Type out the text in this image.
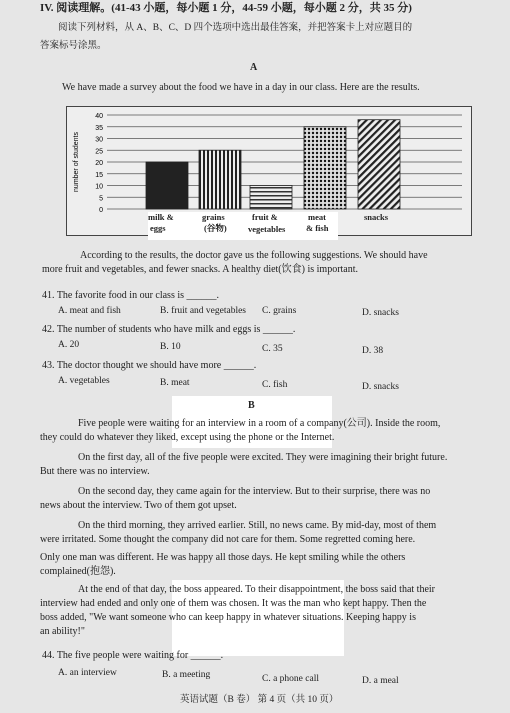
IV. 阅读理解。(41-43 小题，每小题 1 分，44-59 小题，每小题 2 分，共 35 分)
阅读下列材料，从 A、B、C、D 四个选项中选出最佳答案，并把答案卡上对应题目的
答案标号涂黑。
A
We have made a survey about the food we have in a day in our class. Here are the results.
0
5
10
15
20
25
30
35
40
number of students
milk &
eggs
grains
(谷物)
fruit &
vegetables
meat
& fish
snacks
According to the results, the doctor gave us the following suggestions. We should have
more fruit and vegetables, and fewer snacks. A healthy diet(饮食) is important.
41. The favorite food in our class is ______.
A. meat and fish	B. fruit and vegetables C. grains	D. snacks
42. The number of students who have milk and eggs is ______.
A. 20	B. 10	C. 35	D. 38
43. The doctor thought we should have more ______.
A. vegetables	B. meat	C. fish	D. snacks
B
Five people were waiting for an interview in a room of a company(公司). Inside the room,
they could do whatever they liked, except using the phone or the Internet.
On the first day, all of the five people were excited. They were imagining their bright future.
But there was no interview.
On the second day, they came again for the interview. But to their surprise, there was no
news about the interview. Two of them got upset.
On the third morning, they arrived earlier. Still, no news came. By mid-day, most of them
were irritated. Some thought the company did not care for them. Some regretted coming here.
Only one man was different. He was happy all those days. He kept smiling while the others
complained(抱怨).
At the end of that day, the boss appeared. To their disappointment, the boss said that their
interview had ended and only one of them was chosen. It was the man who kept happy. Then the
boss added, "We want someone who can keep happy in whatever situations. Keeping happy is
an ability!"
44. The five people were waiting for ______.
A. an interview	B. a meeting	C. a phone call	D. a meal
英语试题（B 卷） 第 4 页（共 10 页）
